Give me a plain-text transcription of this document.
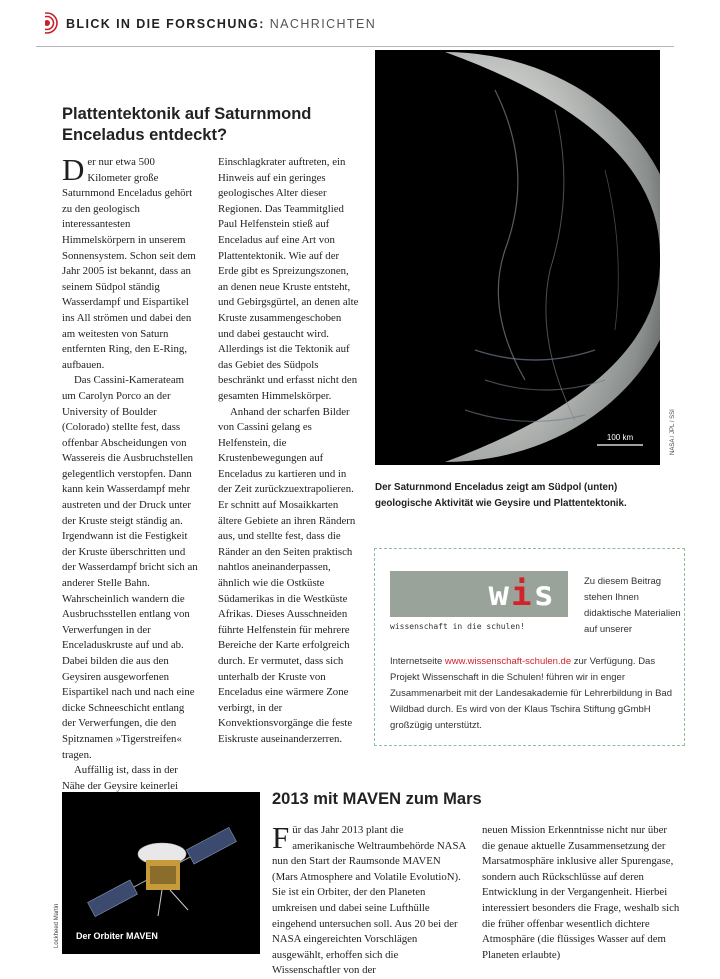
BLICK IN DIE FORSCHUNG: NACHRICHTEN
Plattentektonik auf Saturnmond Enceladus entdeckt?

Der nur etwa 500 Kilometer große Saturnmond Enceladus gehört zu den geologisch interessantesten Himmelskörpern in unserem Sonnensystem. Schon seit dem Jahr 2005 ist bekannt, dass an seinem Südpol ständig Wasserdampf und Eispartikel ins All strömen und dabei den am weitesten von Saturn entfernten Ring, den E-Ring, aufbauen.

Das Cassini-Kamerateam um Carolyn Porco an der University of Boulder (Colorado) stellte fest, dass offenbar Abscheidungen von Wassereis die Ausbruchstellen gelegentlich verstopfen. Dann kann kein Wasserdampf mehr austreten und der Druck unter der Kruste steigt ständig an. Irgendwann ist die Festigkeit der Kruste überschritten und der Wasserdampf bricht sich an anderer Stelle Bahn. Wahrscheinlich wandern die Ausbruchsstellen entlang von Verwerfungen in der Enceladuskruste auf und ab. Dabei bilden die aus den Geysiren ausgeworfenen Eispartikel nach und nach eine dicke Schneeschicht entlang der Verwerfungen, die den Spitznamen »Tigerstreifen« tragen.

Auffällig ist, dass in der Nähe der Geysire keinerlei

Einschlagkrater auftreten, ein Hinweis auf ein geringes geologisches Alter dieser Regionen. Das Teammitglied Paul Helfenstein stieß auf Enceladus auf eine Art von Plattentektonik. Wie auf der Erde gibt es Spreizungszonen, an denen neue Kruste entsteht, und Gebirgsgürtel, an denen alte Kruste zusammengeschoben und dabei gestaucht wird. Allerdings ist die Tektonik auf das Gebiet des Südpols beschränkt und erfasst nicht den gesamten Himmelskörper.

Anhand der scharfen Bilder von Cassini gelang es Helfenstein, die Krustenbewegungen auf Enceladus zu kartieren und in der Zeit zurückzuextrapolieren. Er schnitt auf Mosaikkarten ältere Gebiete an ihren Rändern aus, und stellte fest, dass die Ränder an den Seiten praktisch nahtlos aneinanderpassen, ähnlich wie die Ostküste Südamerikas in die Westküste Afrikas. Dieses Ausschneiden führte Helfenstein für mehrere Bereiche der Karte erfolgreich durch. Er vermutet, dass sich unterhalb der Kruste von Enceladus eine wärmere Zone verbirgt, in der Konvektionsvorgänge die feste Eiskruste auseinanderzerren.

100 km	NASA / JPL / SSI
Der Saturnmond Enceladus zeigt am Südpol (unten) geologische Aktivität wie Geysire und Plattentektonik.
wis
wissenschaft in die schulen!
Zu diesem Beitrag stehen Ihnen didaktische Materialien auf unserer
Internetseite www.wissenschaft-schulen.de zur Verfügung. Das Projekt Wissenschaft in die Schulen! führen wir in enger Zusammenarbeit mit der Landesakademie für Lehrerbildung in Bad Wildbad durch. Es wird von der Klaus Tschira Stiftung gGmbH großzügig unterstützt.
Der Orbiter MAVEN
Lockheed Martin
2013 mit MAVEN zum Mars

Für das Jahr 2013 plant die amerikanische Weltraumbehörde NASA nun den Start der Raumsonde MAVEN (Mars Atmosphere and Volatile EvolutioN). Sie ist ein Orbiter, der den Planeten umkreisen und dabei seine Lufthülle eingehend untersuchen soll. Aus 20 bei der NASA eingereichten Vorschlägen ausgewählt, erhoffen sich die Wissenschaftler von der

neuen Mission Erkenntnisse nicht nur über die genaue aktuelle Zusammensetzung der Marsatmosphäre inklusive aller Spurengase, sondern auch Rückschlüsse auf deren Entwicklung in der Vergangenheit. Hierbei interessiert besonders die Frage, weshalb sich die früher offenbar wesentlich dichtere Atmosphäre (die flüssiges Wasser auf dem Planeten erlaubte)
